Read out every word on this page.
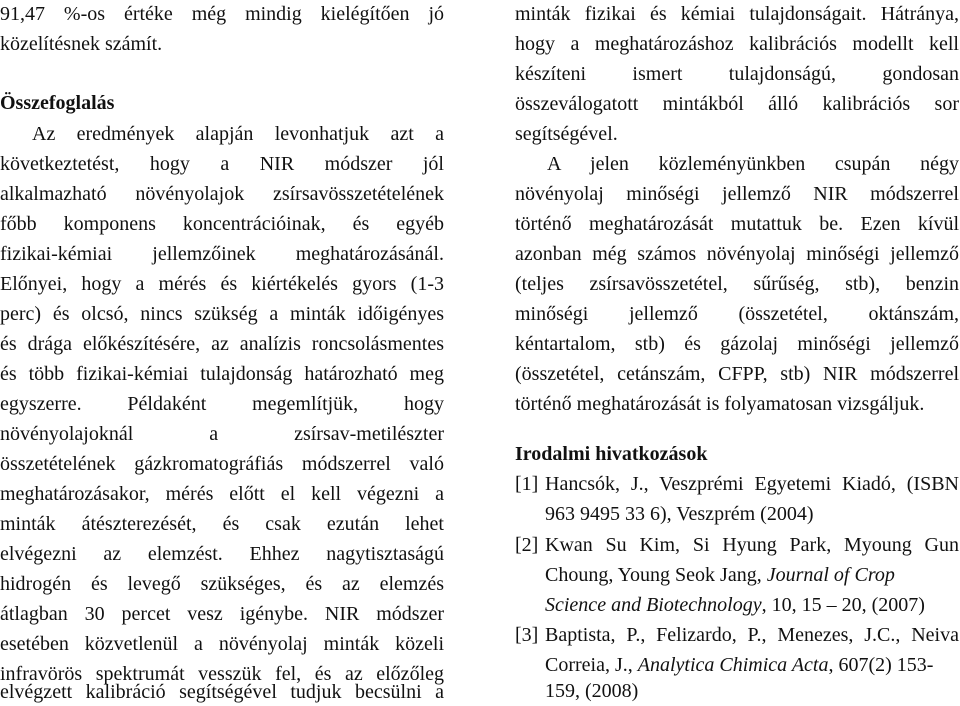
91,47 %-os értéke még mindig kielégítően jó
közelítésnek számít.
Összefoglalás
Az eredmények alapján levonhatjuk azt a
következtetést, hogy a NIR módszer jól
alkalmazható növényolajok zsírsavösszetételének
főbb komponens koncentrációinak, és egyéb
fizikai-kémiai jellemzőinek meghatározásánál.
Előnyei, hogy a mérés és kiértékelés gyors (1-3
perc) és olcsó, nincs szükség a minták időigényes
és drága előkészítésére, az analízis roncsolásmentes
és több fizikai-kémiai tulajdonság határozható meg
egyszerre. Példaként megemlítjük, hogy
növényolajoknál a zsírsav-metilészter
összetételének gázkromatográfiás módszerrel való
meghatározásakor, mérés előtt el kell végezni a
minták átészterezését, és csak ezután lehet
elvégezni az elemzést. Ehhez nagytisztaságú
hidrogén és levegő szükséges, és az elemzés
átlagban 30 percet vesz igénybe. NIR módszer
esetében közvetlenül a növényolaj minták közeli
infravörös spektrumát vesszük fel, és az előzőleg
elvégzett kalibráció segítségével tudjuk becsülni a
minták fizikai és kémiai tulajdonságait. Hátránya,
hogy a meghatározáshoz kalibrációs modellt kell
készíteni ismert tulajdonságú, gondosan
összeválogatott mintákból álló kalibrációs sor
segítségével.
A jelen közleményünkben csupán négy
növényolaj minőségi jellemző NIR módszerrel
történő meghatározását mutattuk be. Ezen kívül
azonban még számos növényolaj minőségi jellemző
(teljes zsírsavösszetétel, sűrűség, stb), benzin
minőségi jellemző (összetétel, oktánszám,
kéntartalom, stb) és gázolaj minőségi jellemző
(összetétel, cetánszám, CFPP, stb) NIR módszerrel
történő meghatározását is folyamatosan vizsgáljuk.
Irodalmi hivatkozások
[1] Hancsók, J., Veszprémi Egyetemi Kiadó, (ISBN
963 9495 33 6), Veszprém (2004)
[2] Kwan Su Kim, Si Hyung Park, Myoung Gun
Choung, Young Seok Jang, Journal of Crop
Science and Biotechnology, 10, 15 – 20, (2007)
[3] Baptista, P., Felizardo, P., Menezes, J.C., Neiva
Correia, J., Analytica Chimica Acta, 607(2) 153-
159, (2008)
